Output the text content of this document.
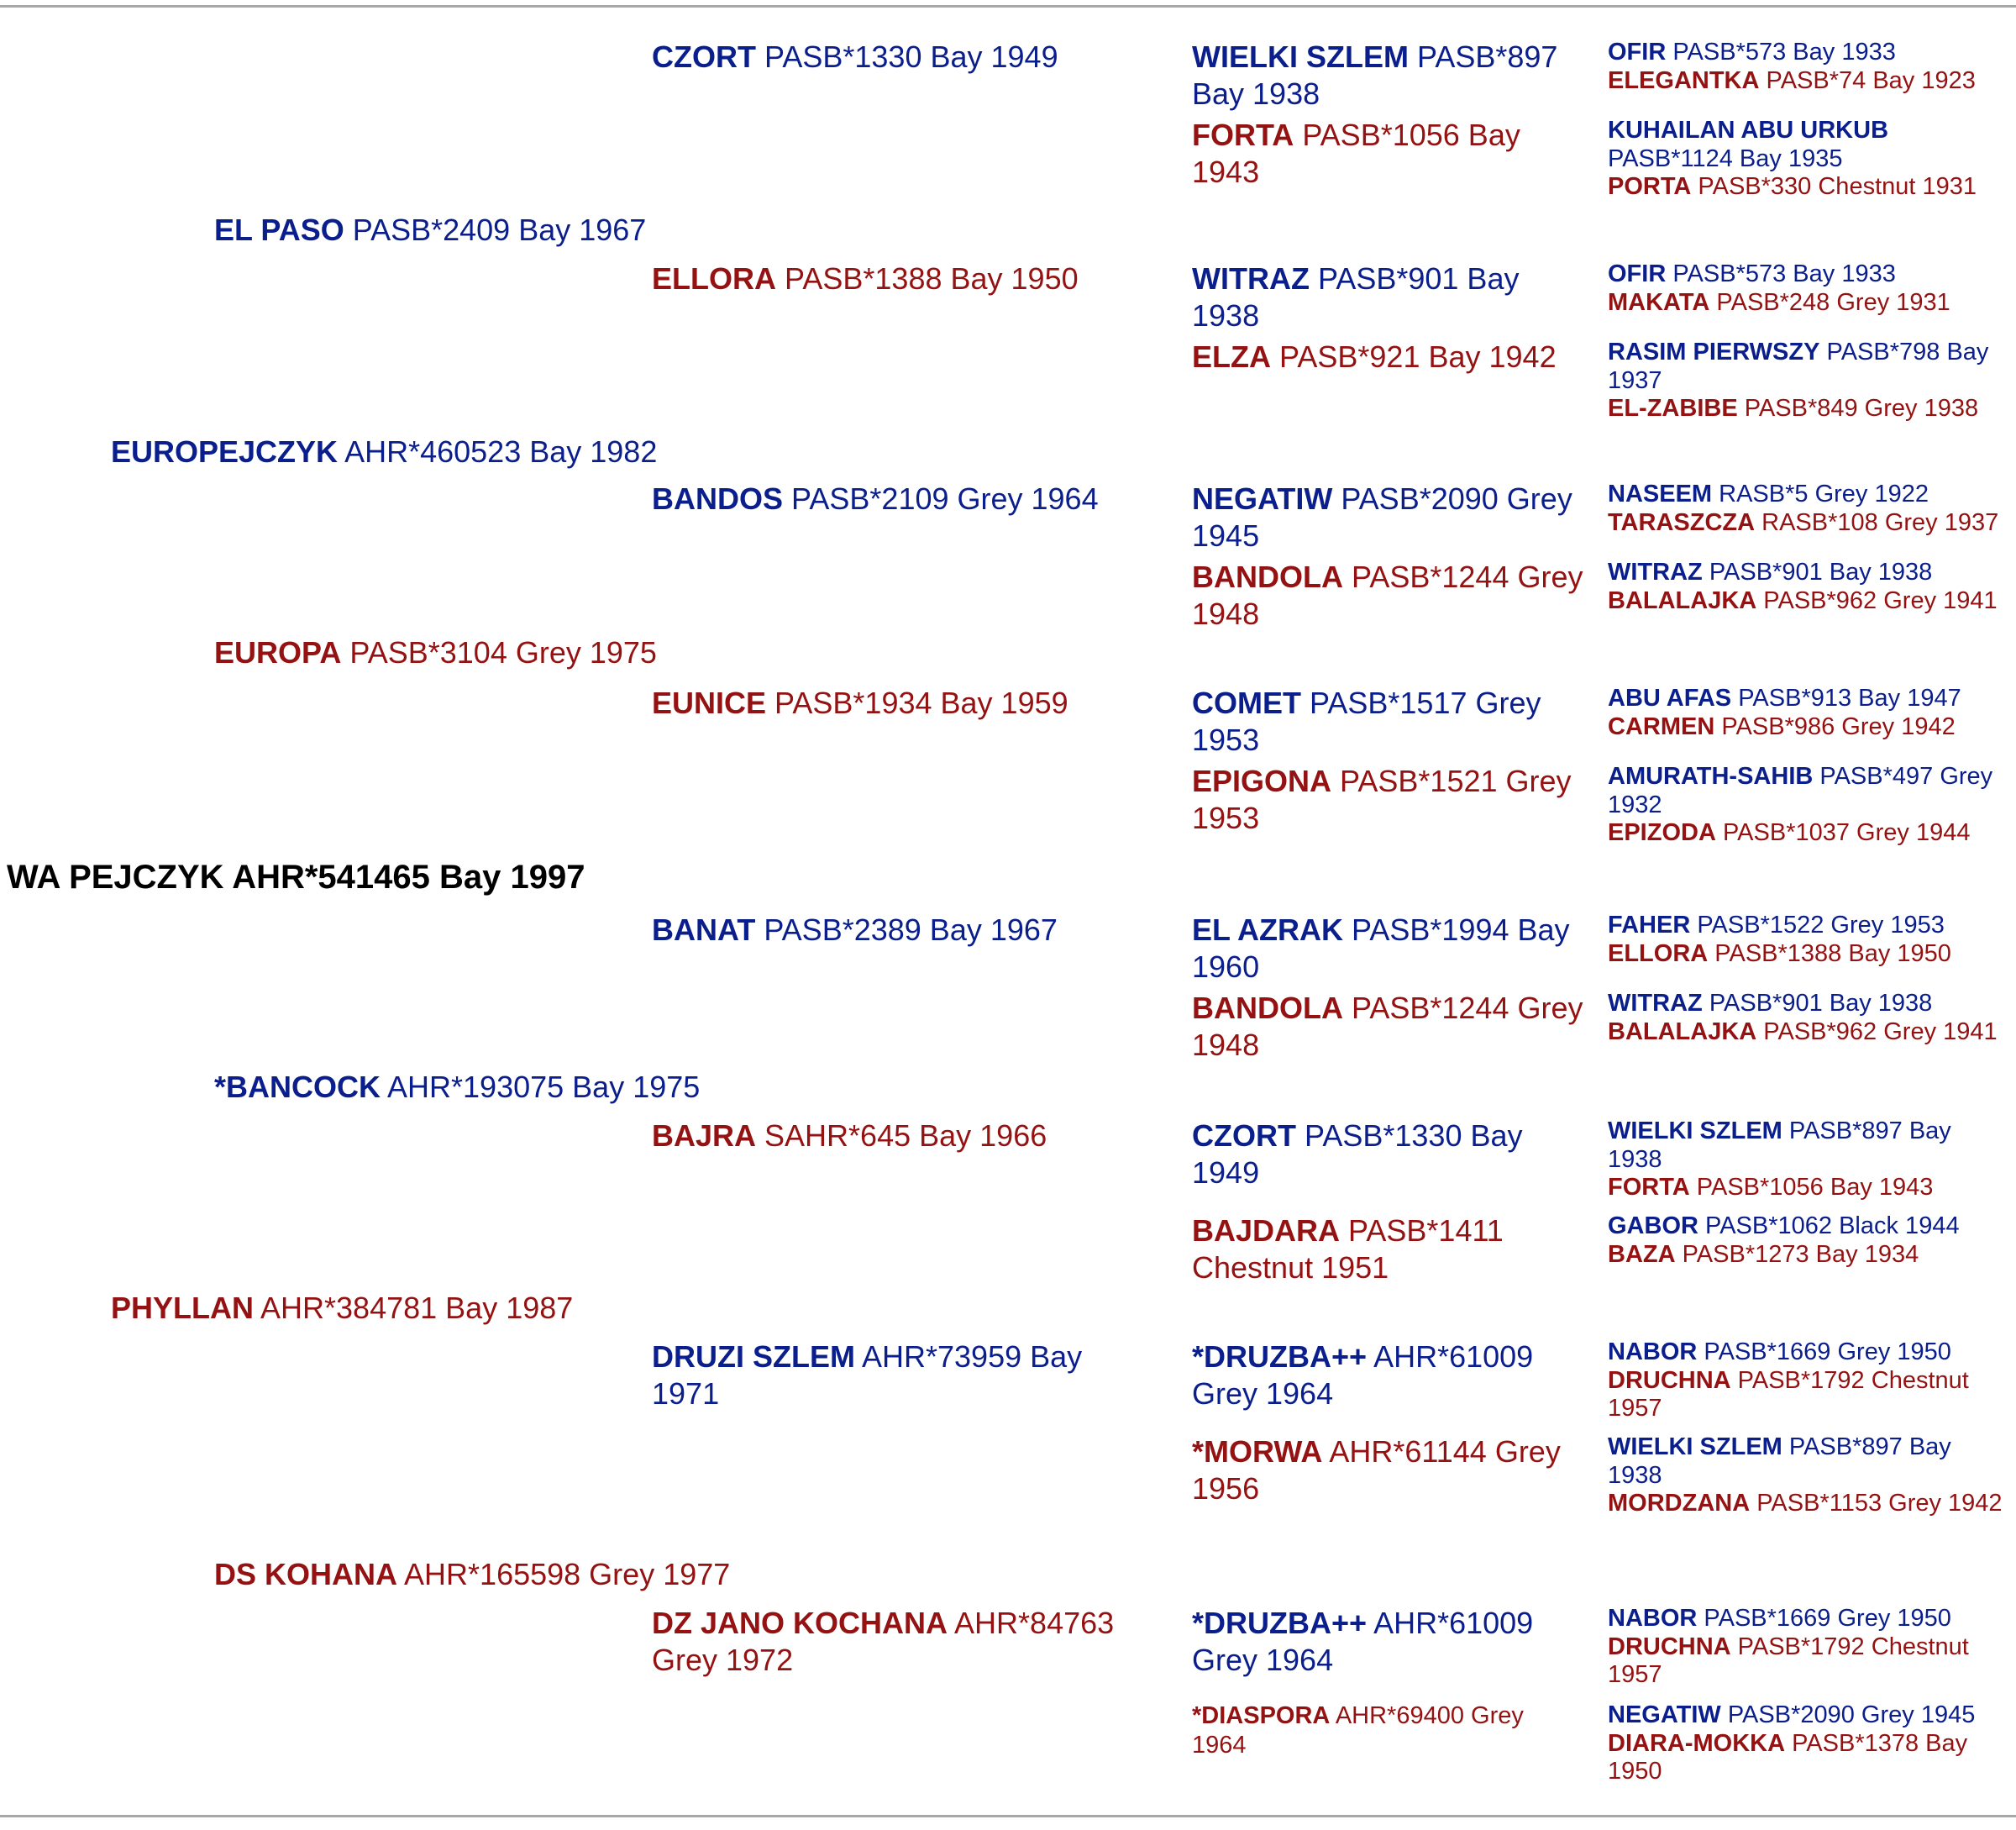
WA PEJCZYK AHR*541465 Bay 1997
EUROPEJCZYK AHR*460523 Bay 1982
PHYLLAN AHR*384781 Bay 1987
EL PASO PASB*2409 Bay 1967
EUROPA PASB*3104 Grey 1975
*BANCOCK AHR*193075 Bay 1975
DS KOHANA AHR*165598 Grey 1977
CZORT PASB*1330 Bay 1949
ELLORA PASB*1388 Bay 1950
BANDOS PASB*2109 Grey 1964
EUNICE PASB*1934 Bay 1959
BANAT PASB*2389 Bay 1967
BAJRA SAHR*645 Bay 1966
DRUZI SZLEM AHR*73959 Bay 1971
DZ JANO KOCHANA AHR*84763 Grey 1972
WIELKI SZLEM PASB*897 Bay 1938
FORTA PASB*1056 Bay 1943
WITRAZ PASB*901 Bay 1938
ELZA PASB*921 Bay 1942
NEGATIW PASB*2090 Grey 1945
BANDOLA PASB*1244 Grey 1948
COMET PASB*1517 Grey 1953
EPIGONA PASB*1521 Grey 1953
EL AZRAK PASB*1994 Bay 1960
BANDOLA PASB*1244 Grey 1948
CZORT PASB*1330 Bay 1949
BAJDARA PASB*1411 Chestnut 1951
*DRUZBA++ AHR*61009 Grey 1964
*MORWA AHR*61144 Grey 1956
*DRUZBA++ AHR*61009 Grey 1964
*DIASPORA AHR*69400 Grey 1964
OFIR PASB*573 Bay 1933
ELEGANTKA PASB*74 Bay 1923
KUHAILAN ABU URKUB PASB*1124 Bay 1935
PORTA PASB*330 Chestnut 1931
OFIR PASB*573 Bay 1933
MAKATA PASB*248 Grey 1931
RASIM PIERWSZY PASB*798 Bay 1937
EL-ZABIBE PASB*849 Grey 1938
NASEEM RASB*5 Grey 1922
TARASZCZA RASB*108 Grey 1937
WITRAZ PASB*901 Bay 1938
BALALAJKA PASB*962 Grey 1941
ABU AFAS PASB*913 Bay 1947
CARMEN PASB*986 Grey 1942
AMURATH-SAHIB PASB*497 Grey 1932
EPIZODA PASB*1037 Grey 1944
FAHER PASB*1522 Grey 1953
ELLORA PASB*1388 Bay 1950
WITRAZ PASB*901 Bay 1938
BALALAJKA PASB*962 Grey 1941
WIELKI SZLEM PASB*897 Bay 1938
FORTA PASB*1056 Bay 1943
GABOR PASB*1062 Black 1944
BAZA PASB*1273 Bay 1934
NABOR PASB*1669 Grey 1950
DRUCHNA PASB*1792 Chestnut 1957
WIELKI SZLEM PASB*897 Bay 1938
MORDZANA PASB*1153 Grey 1942
NABOR PASB*1669 Grey 1950
DRUCHNA PASB*1792 Chestnut 1957
NEGATIW PASB*2090 Grey 1945
DIARA-MOKKA PASB*1378 Bay 1950
